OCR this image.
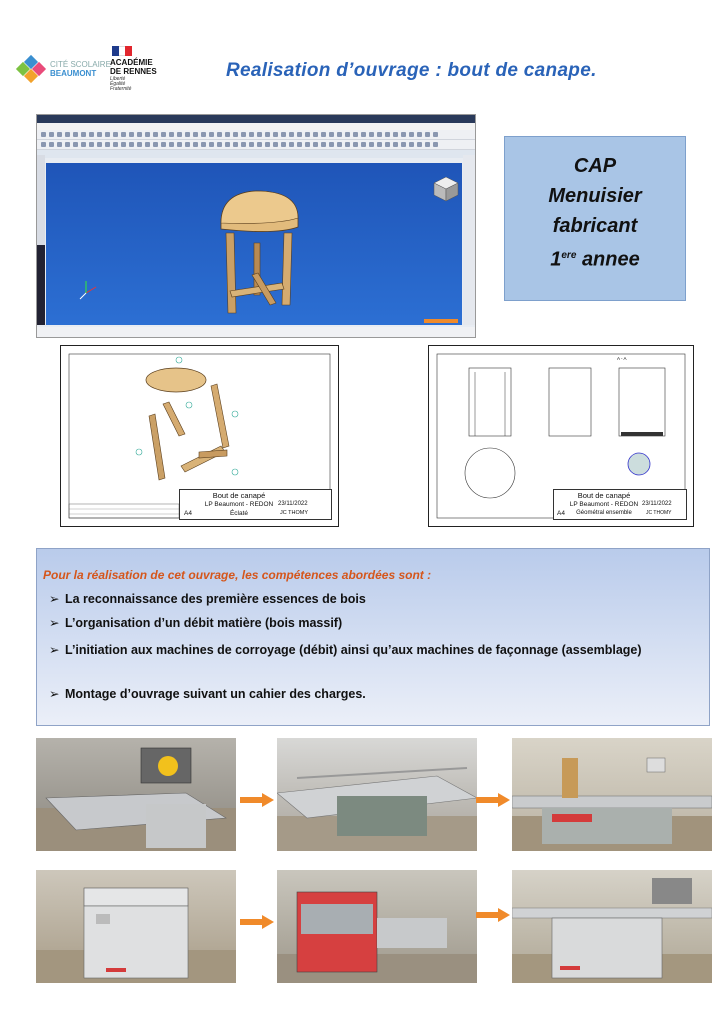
CITÉ SCOLAIRE
BEAUMONT
ACADÉMIE
DE RENNES
Liberté
Égalité
Fraternité
Realisation d’ouvrage : bout de canape.
Bout de canapé
LP Beaumont - REDON 23/11/2022
A4	Éclaté	JC THOMY
A - A
Bout de canapé
LP Beaumont - REDON 23/11/2022
A4	Géométral ensemble	JC THOMY
CAP
Menuisier
fabricant
1ere annee
Pour la réalisation de cet ouvrage, les compétences abordées sont :
➢ La reconnaissance des première essences de bois
➢ L’organisation d’un débit matière (bois massif)
➢ L’initiation aux machines de corroyage (débit) ainsi qu’aux machines de façonnage (assemblage)
➢ Montage d’ouvrage suivant un cahier des charges.
